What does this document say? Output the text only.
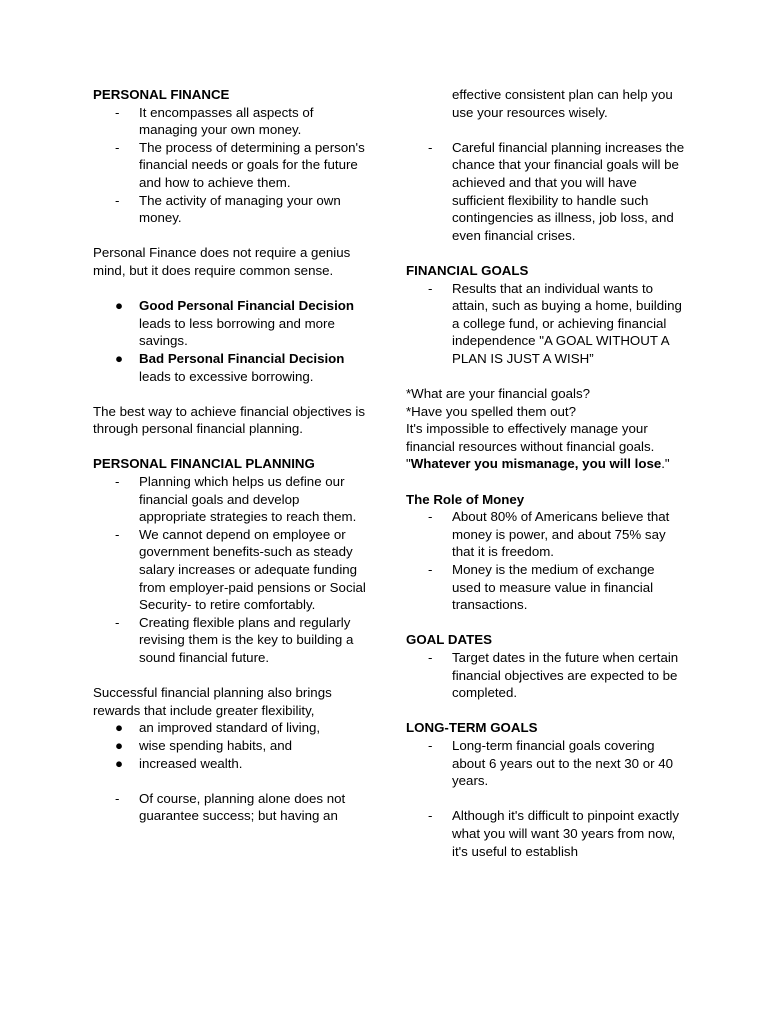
PERSONAL FINANCE

- It encompasses all aspects of managing your own money.
- The process of determining a person's financial needs or goals for the future and how to achieve them.
- The activity of managing your own money.

Personal Finance does not require a genius mind, but it does require common sense.

● Good Personal Financial Decision leads to less borrowing and more savings.
● Bad Personal Financial Decision leads to excessive borrowing.

The best way to achieve financial objectives is through personal financial planning.

PERSONAL FINANCIAL PLANNING

- Planning which helps us define our financial goals and develop appropriate strategies to reach them.
- We cannot depend on employee or government benefits-such as steady salary increases or adequate funding from employer-paid pensions or Social Security- to retire comfortably.
- Creating flexible plans and regularly revising them is the key to building a sound financial future.

Successful financial planning also brings rewards that include greater flexibility,

● an improved standard of living,
● wise spending habits, and
● increased wealth.
- Of course, planning alone does not guarantee success; but having an
effective consistent plan can help you use your resources wisely.
- Careful financial planning increases the chance that your financial goals will be achieved and that you will have sufficient flexibility to handle such contingencies as illness, job loss, and even financial crises.

FINANCIAL GOALS

- Results that an individual wants to attain, such as buying a home, building a college fund, or achieving financial independence "A GOAL WITHOUT A PLAN IS JUST A WISH”

*What are your financial goals?

*Have you spelled them out?

It's impossible to effectively manage your financial resources without financial goals.

"Whatever you mismanage, you will lose."

The Role of Money

- About 80% of Americans believe that money is power, and about 75% say that it is freedom.
- Money is the medium of exchange used to measure value in financial transactions.

GOAL DATES

- Target dates in the future when certain financial objectives are expected to be completed.

LONG-TERM GOALS

- Long-term financial goals covering about 6 years out to the next 30 or 40 years.
- Although it's difficult to pinpoint exactly what you will want 30 years from now, it's useful to establish
